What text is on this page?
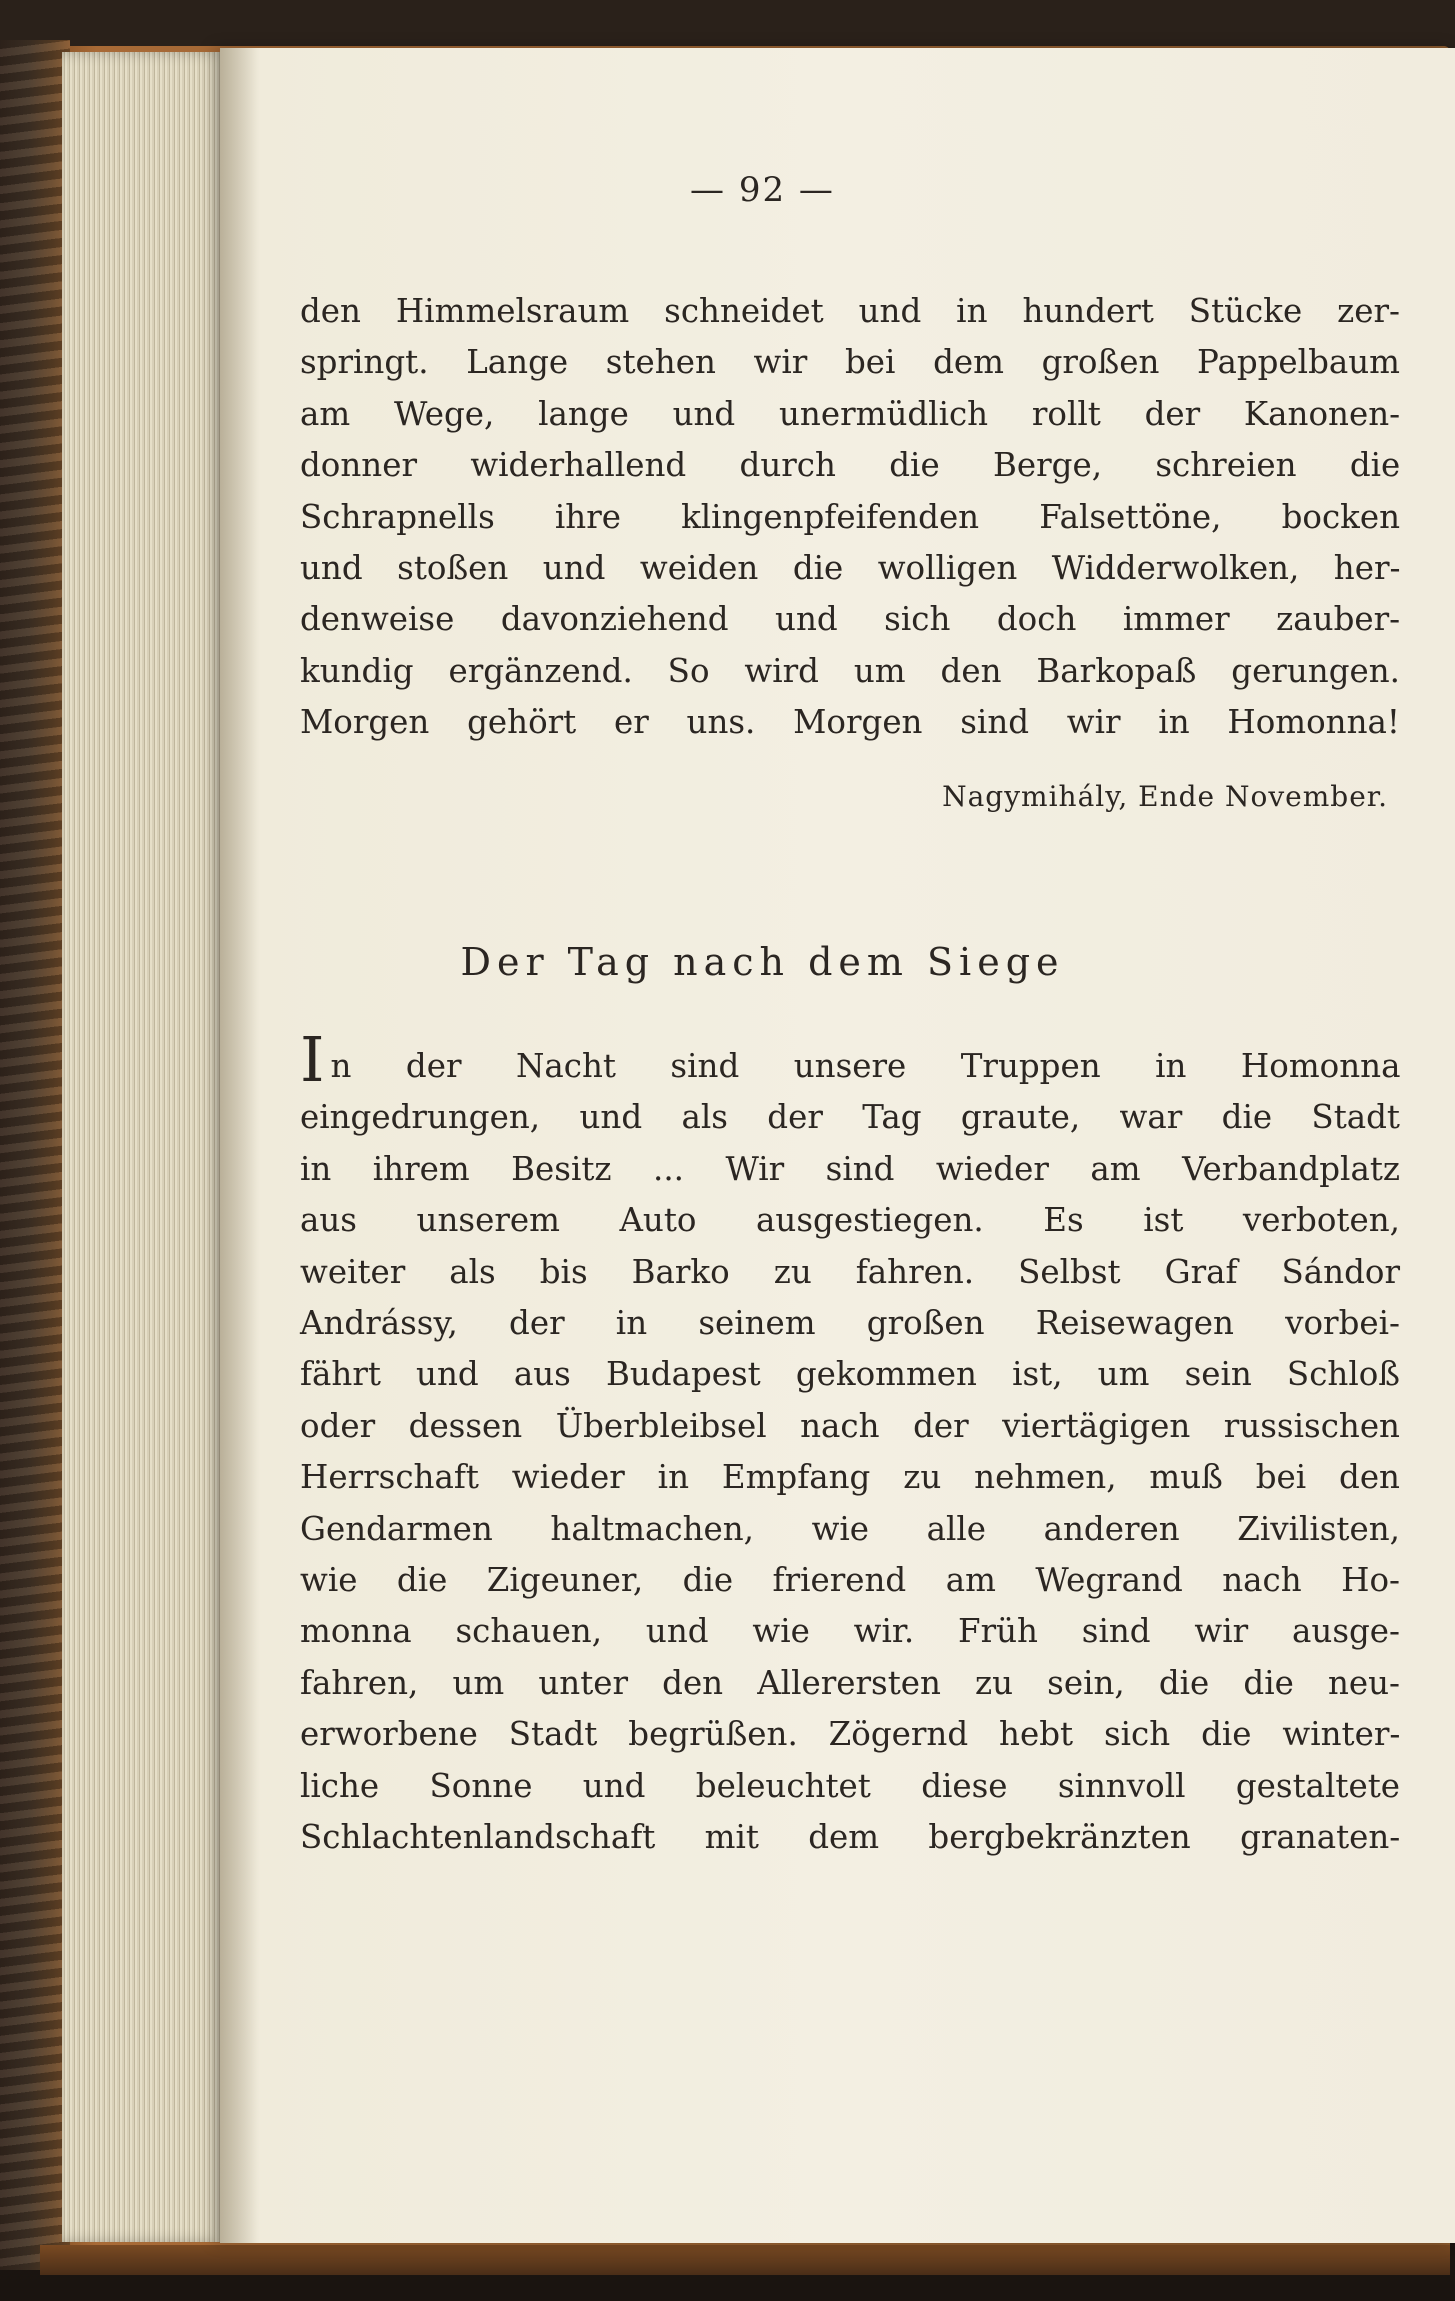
— 92 —
den Himmelsraum schneidet und in hundert Stücke zer-
springt. Lange stehen wir bei dem großen Pappelbaum
am Wege, lange und unermüdlich rollt der Kanonen-
donner widerhallend durch die Berge, schreien die
Schrapnells ihre klingenpfeifenden Falsettöne, bocken
und stoßen und weiden die wolligen Widderwolken, her-
denweise davonziehend und sich doch immer zauber-
kundig ergänzend. So wird um den Barkopaß gerungen.
Morgen gehört er uns. Morgen sind wir in Homonna!
Nagymihály, Ende November.
Der Tag nach dem Siege
In der Nacht sind unsere Truppen in Homonna
eingedrungen, und als der Tag graute, war die Stadt
in ihrem Besitz ... Wir sind wieder am Verbandplatz
aus unserem Auto ausgestiegen. Es ist verboten,
weiter als bis Barko zu fahren. Selbst Graf Sándor
Andrássy, der in seinem großen Reisewagen vorbei-
fährt und aus Budapest gekommen ist, um sein Schloß
oder dessen Überbleibsel nach der viertägigen russischen
Herrschaft wieder in Empfang zu nehmen, muß bei den
Gendarmen haltmachen, wie alle anderen Zivilisten,
wie die Zigeuner, die frierend am Wegrand nach Ho-
monna schauen, und wie wir. Früh sind wir ausge-
fahren, um unter den Allerersten zu sein, die die neu-
erworbene Stadt begrüßen. Zögernd hebt sich die winter-
liche Sonne und beleuchtet diese sinnvoll gestaltete
Schlachtenlandschaft mit dem bergbekränzten granaten-
